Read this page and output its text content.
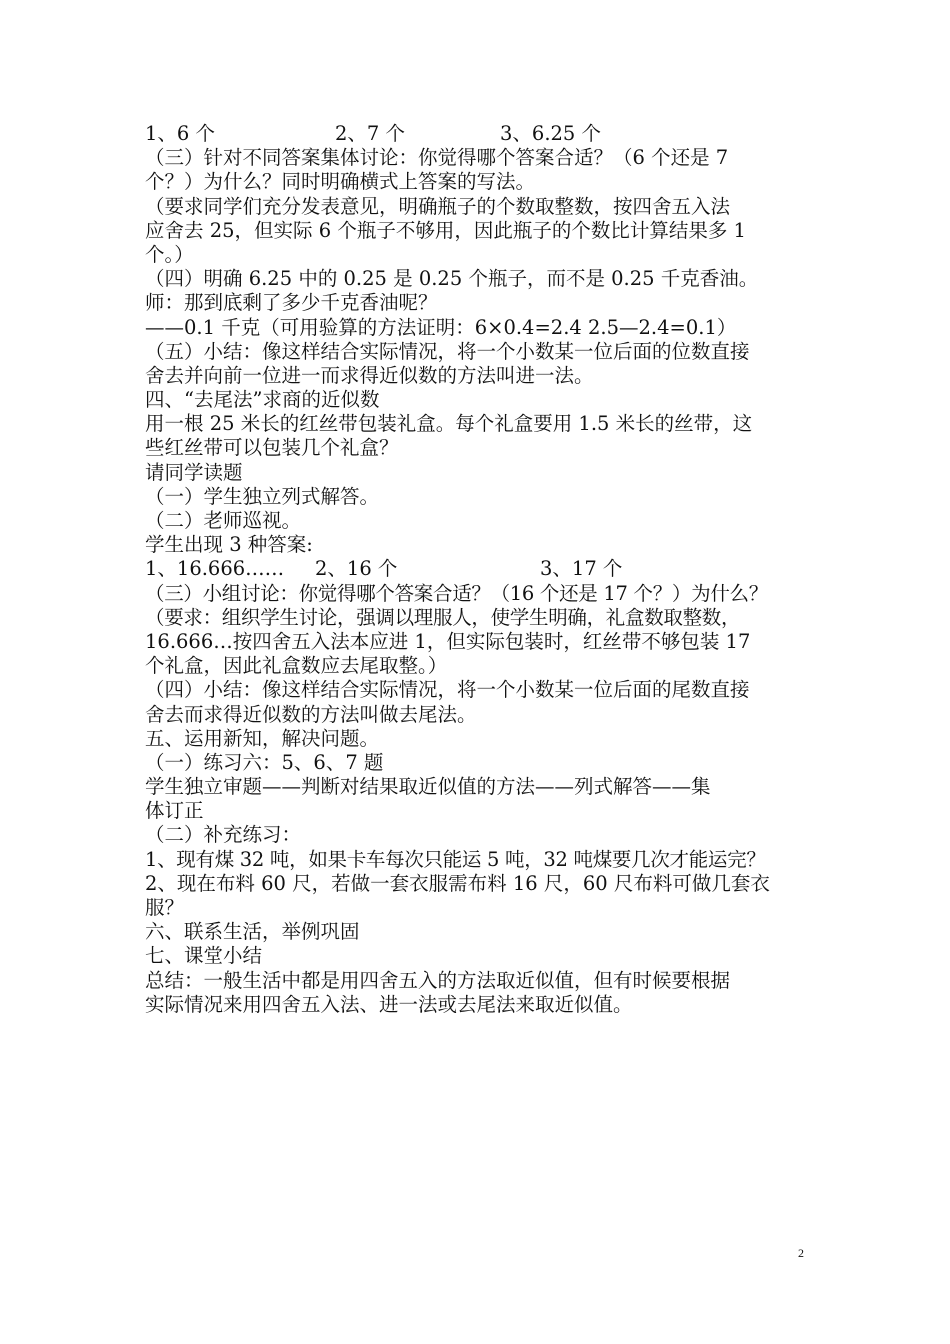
1、6 个	2、7 个	3、6.25 个
（三）针对不同答案集体讨论：你觉得哪个答案合适？（6 个还是 7
个？）为什么？同时明确横式上答案的写法。
（要求同学们充分发表意见，明确瓶子的个数取整数，按四舍五入法
应舍去 25，但实际 6 个瓶子不够用，因此瓶子的个数比计算结果多 1
个。）
（四）明确 6.25 中的 0.25 是 0.25 个瓶子，而不是 0.25 千克香油。
师：那到底剩了多少千克香油呢？
——0.1 千克（可用验算的方法证明：6×0.4=2.4 2.5—2.4=0.1）
（五）小结：像这样结合实际情况，将一个小数某一位后面的位数直接
舍去并向前一位进一而求得近似数的方法叫进一法。
四、“去尾法”求商的近似数
用一根 25 米长的红丝带包装礼盒。每个礼盒要用 1.5 米长的丝带，这
些红丝带可以包装几个礼盒？
请同学读题
（一）学生独立列式解答。
（二）老师巡视。
学生出现 3 种答案:
1、16.666…… 2、16 个	3、17 个
（三）小组讨论：你觉得哪个答案合适？（16 个还是 17 个？）为什么？
（要求：组织学生讨论，强调以理服人，使学生明确，礼盒数取整数，
16.666…按四舍五入法本应进 1，但实际包装时，红丝带不够包装 17
个礼盒，因此礼盒数应去尾取整。）
（四）小结：像这样结合实际情况，将一个小数某一位后面的尾数直接
舍去而求得近似数的方法叫做去尾法。
五、运用新知，解决问题。
（一）练习六：5、6、7 题
学生独立审题——判断对结果取近似值的方法——列式解答——集
体订正
（二）补充练习：
1、现有煤 32 吨，如果卡车每次只能运 5 吨，32 吨煤要几次才能运完？
2、现在布料 60 尺，若做一套衣服需布料 16 尺，60 尺布料可做几套衣
服？
六、联系生活，举例巩固
七、课堂小结
总结：一般生活中都是用四舍五入的方法取近似值，但有时候要根据
实际情况来用四舍五入法、进一法或去尾法来取近似值。
2
